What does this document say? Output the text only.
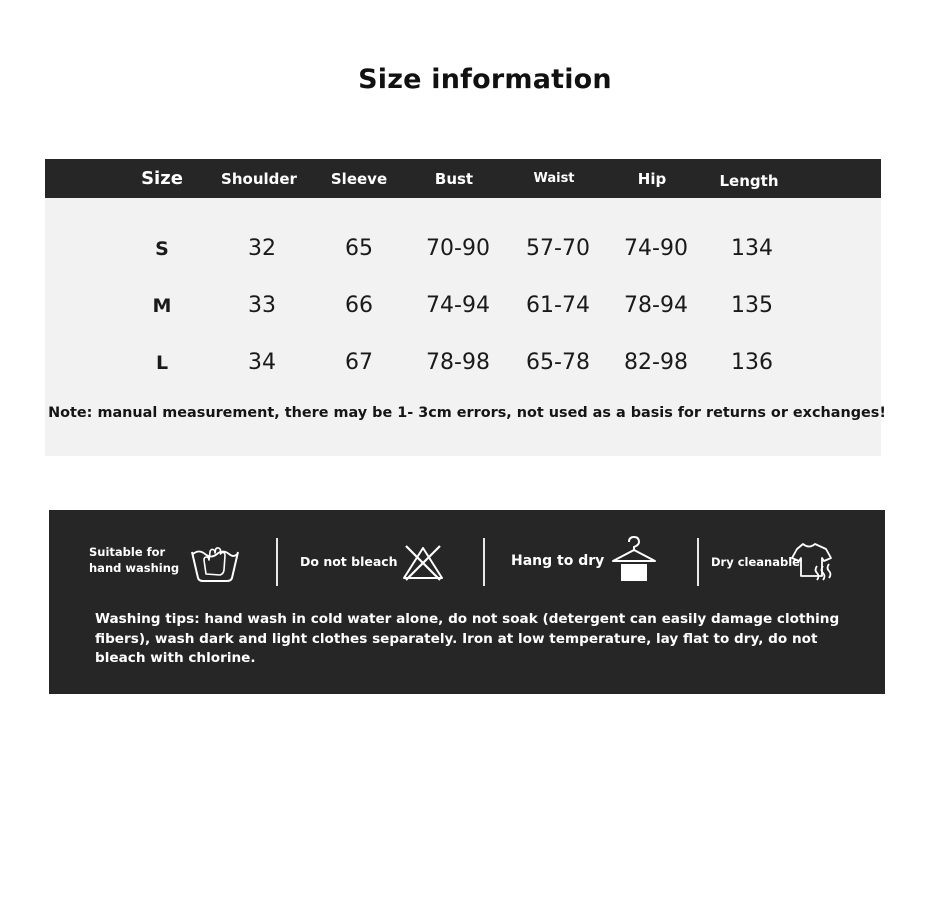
Size information
Size	Shoulder	Sleeve	Bust	Waist	Hip	Length
S	32	65	70-90	57-70	74-90	134
M	33	66	74-94	61-74	78-94	135
L	34	67	78-98	65-78	82-98	136
Note: manual measurement, there may be 1- 3cm errors, not used as a basis for returns or exchanges!
Suitable for
hand washing	Do not bleach	Hang to dry	Dry cleanable
Washing tips: hand wash in cold water alone, do not soak (detergent can easily damage clothing fibers), wash dark and light clothes separately. Iron at low temperature, lay flat to dry, do not bleach with chlorine.
